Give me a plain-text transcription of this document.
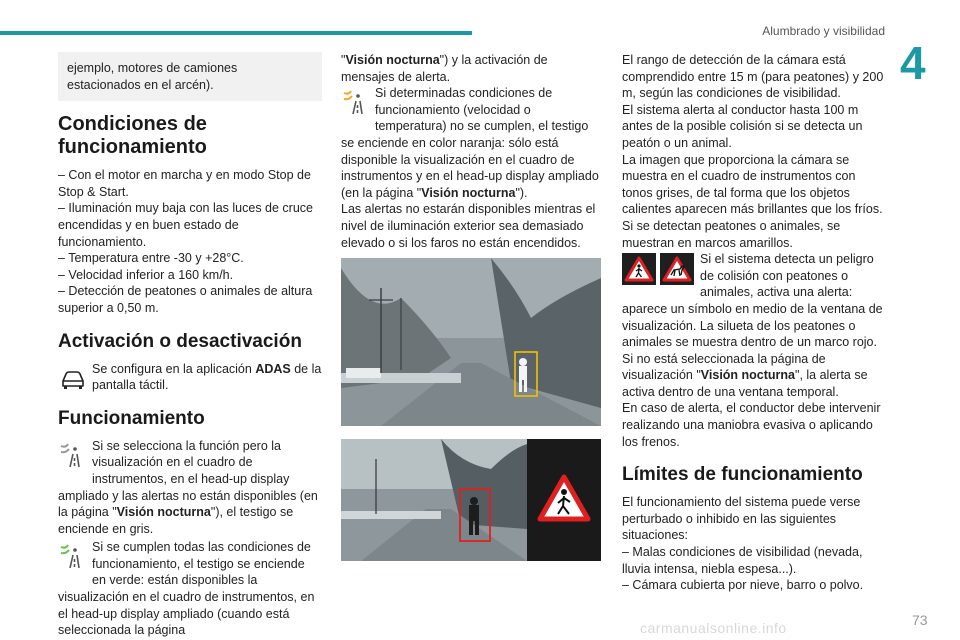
Alumbrado y visibilidad
4

ejemplo, motores de camiones estacionados en el arcén).

Condiciones de funcionamiento

– Con el motor en marcha y en modo Stop de Stop & Start.

– Iluminación muy baja con las luces de cruce encendidas y en buen estado de funcionamiento.

– Temperatura entre -30 y +28°C.

– Velocidad inferior a 160 km/h.

– Detección de peatones o animales de altura superior a 0,50 m.

Activación o desactivación

Se configura en la aplicación ADAS de la pantalla táctil.

Funcionamiento

Si se selecciona la función pero la visualización en el cuadro de instrumentos, en el head-up display ampliado y las alertas no están disponibles (en la página "Visión nocturna"), el testigo se enciende en gris.

Si se cumplen todas las condiciones de funcionamiento, el testigo se enciende en verde: están disponibles la visualización en el cuadro de instrumentos, en el head-up display ampliado (cuando está seleccionada la página

"Visión nocturna") y la activación de mensajes de alerta.

Si determinadas condiciones de funcionamiento (velocidad o temperatura) no se cumplen, el testigo se enciende en color naranja: sólo está disponible la visualización en el cuadro de instrumentos y en el head-up display ampliado (en la página "Visión nocturna").

Las alertas no estarán disponibles mientras el nivel de iluminación exterior sea demasiado elevado o si los faros no están encendidos.

El rango de detección de la cámara está comprendido entre 15 m (para peatones) y 200 m, según las condiciones de visibilidad.

El sistema alerta al conductor hasta 100 m antes de la posible colisión si se detecta un peatón o un animal.

La imagen que proporciona la cámara se muestra en el cuadro de instrumentos con tonos grises, de tal forma que los objetos calientes aparecen más brillantes que los fríos.

Si se detectan peatones o animales, se muestran en marcos amarillos.

Si el sistema detecta un peligro de colisión con peatones o animales, activa una alerta: aparece un símbolo en medio de la ventana de visualización. La silueta de los peatones o animales se muestra dentro de un marco rojo.

Si no está seleccionada la página de visualización "Visión nocturna", la alerta se activa dentro de una ventana temporal.

En caso de alerta, el conductor debe intervenir realizando una maniobra evasiva o aplicando los frenos.

Límites de funcionamiento

El funcionamiento del sistema puede verse perturbado o inhibido en las siguientes situaciones:

– Malas condiciones de visibilidad (nevada, lluvia intensa, niebla espesa...).

– Cámara cubierta por nieve, barro o polvo.

73
carmanualsonline.info
